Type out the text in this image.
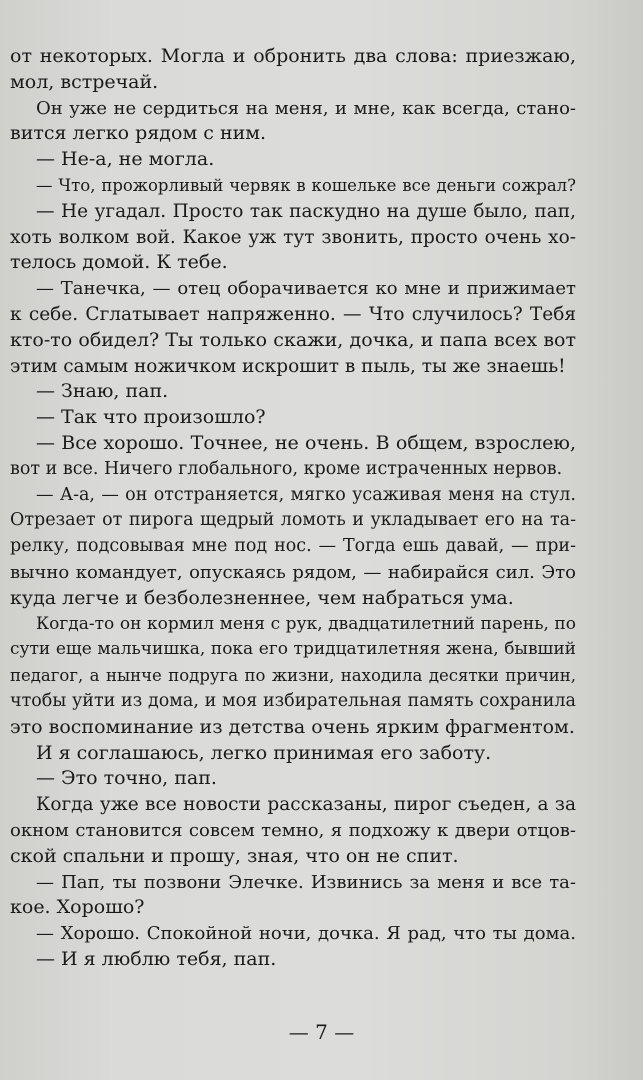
от некоторых. Могла и обронить два слова: приезжаю,
мол, встречай.
Он уже не сердиться на меня, и мне, как всегда, стано-
вится легко рядом с ним.
— Не-а, не могла.
— Что, прожорливый червяк в кошельке все деньги сожрал?
— Не угадал. Просто так паскудно на душе было, пап,
хоть волком вой. Какое уж тут звонить, просто очень хо-
телось домой. К тебе.
— Танечка, — отец оборачивается ко мне и прижимает
к себе. Сглатывает напряженно. — Что случилось? Тебя
кто-то обидел? Ты только скажи, дочка, и папа всех вот
этим самым ножичком искрошит в пыль, ты же знаешь!
— Знаю, пап.
— Так что произошло?
— Все хорошо. Точнее, не очень. В общем, взрослею,
вот и все. Ничего глобального, кроме истраченных нервов.
— А-а, — он отстраняется, мягко усаживая меня на стул.
Отрезает от пирога щедрый ломоть и укладывает его на та-
релку, подсовывая мне под нос. — Тогда ешь давай, — при-
вычно командует, опускаясь рядом, — набирайся сил. Это
куда легче и безболезненнее, чем набраться ума.
Когда-то он кормил меня с рук, двадцатилетний парень, по
сути еще мальчишка, пока его тридцатилетняя жена, бывший
педагог, а нынче подруга по жизни, находила десятки причин,
чтобы уйти из дома, и моя избирательная память сохранила
это воспоминание из детства очень ярким фрагментом.
И я соглашаюсь, легко принимая его заботу.
— Это точно, пап.
Когда уже все новости рассказаны, пирог съеден, а за
окном становится совсем темно, я подхожу к двери отцов-
ской спальни и прошу, зная, что он не спит.
— Пап, ты позвони Элечке. Извинись за меня и все та-
кое. Хорошо?
— Хорошо. Спокойной ночи, дочка. Я рад, что ты дома.
— И я люблю тебя, пап.
— 7 —
